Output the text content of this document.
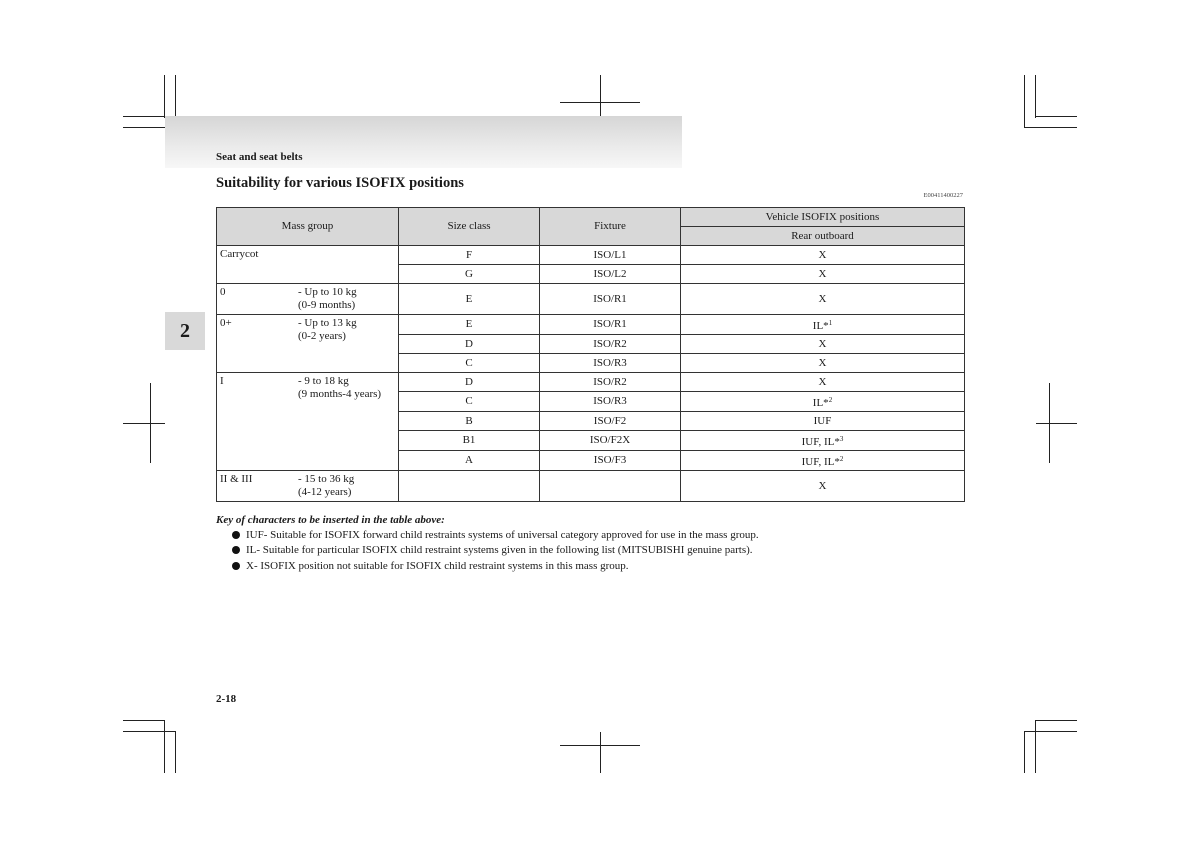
Seat and seat belts
Suitability for various ISOFIX positions
E00411400227
2
Mass group	Size class	Fixture	Vehicle ISOFIX positions
			Rear outboard

Carrycot	F	ISO/L1	X
	G	ISO/L2	X

0 - Up to 10 kg
(0-9 months)	E	ISO/R1	X

0+ - Up to 13 kg
(0-2 years)	E	ISO/R1	IL*$^1$
	D	ISO/R2	X
	C	ISO/R3	X

I - 9 to 18 kg
(9 months-4 years)	D	ISO/R2	X
	C	ISO/R3	IL*$^2$
	B	ISO/F2	IUF
	B1	ISO/F2X	IUF, IL*$^3$
	A	ISO/F3	IUF, IL*$^2$

II & III - 15 to 36 kg
(4-12 years)			X
Key of characters to be inserted in the table above:
IUF- Suitable for ISOFIX forward child restraints systems of universal category approved for use in the mass group.
IL- Suitable for particular ISOFIX child restraint systems given in the following list (MITSUBISHI genuine parts).
X- ISOFIX position not suitable for ISOFIX child restraint systems in this mass group.
2-18
